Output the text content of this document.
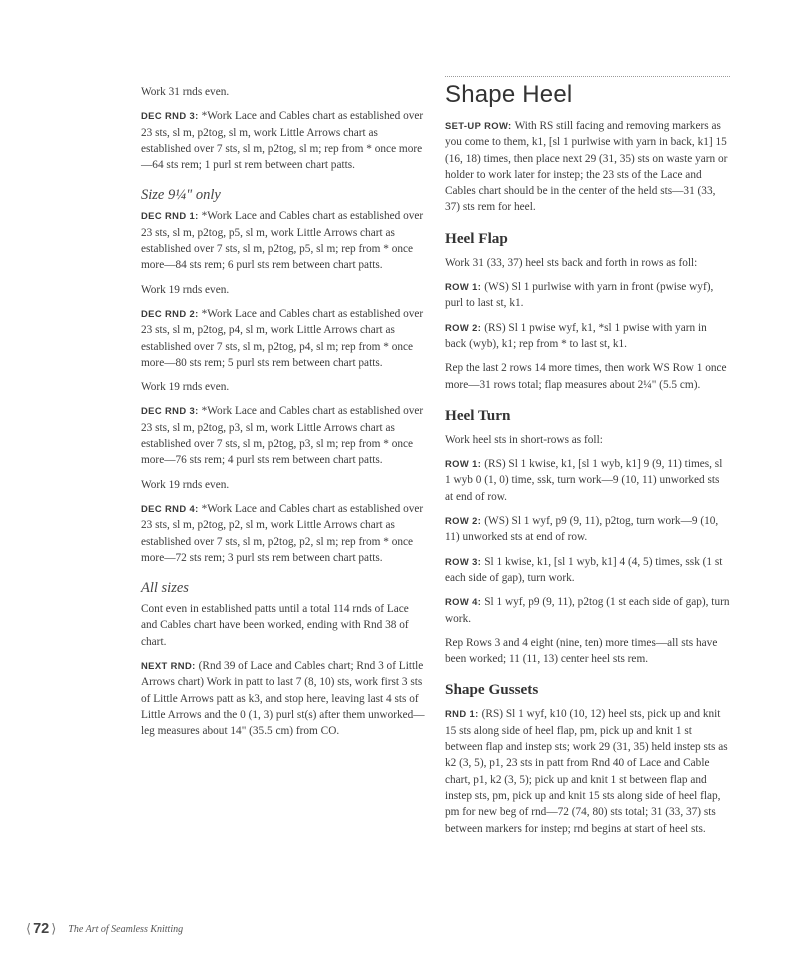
Work 31 rnds even.

DEC RND 3: *Work Lace and Cables chart as established over 23 sts, sl m, p2tog, sl m, work Little Arrows chart as established over 7 sts, sl m, p2tog, sl m; rep from * once more—64 sts rem; 1 purl st rem between chart patts.

Size 9¼" only

DEC RND 1: *Work Lace and Cables chart as established over 23 sts, sl m, p2tog, p5, sl m, work Little Arrows chart as established over 7 sts, sl m, p2tog, p5, sl m; rep from * once more—84 sts rem; 6 purl sts rem between chart patts.

Work 19 rnds even.

DEC RND 2: *Work Lace and Cables chart as established over 23 sts, sl m, p2tog, p4, sl m, work Little Arrows chart as established over 7 sts, sl m, p2tog, p4, sl m; rep from * once more—80 sts rem; 5 purl sts rem between chart patts.

Work 19 rnds even.

DEC RND 3: *Work Lace and Cables chart as established over 23 sts, sl m, p2tog, p3, sl m, work Little Arrows chart as established over 7 sts, sl m, p2tog, p3, sl m; rep from * once more—76 sts rem; 4 purl sts rem between chart patts.

Work 19 rnds even.

DEC RND 4: *Work Lace and Cables chart as established over 23 sts, sl m, p2tog, p2, sl m, work Little Arrows chart as established over 7 sts, sl m, p2tog, p2, sl m; rep from * once more—72 sts rem; 3 purl sts rem between chart patts.

All sizes

Cont even in established patts until a total 114 rnds of Lace and Cables chart have been worked, ending with Rnd 38 of chart.

NEXT RND: (Rnd 39 of Lace and Cables chart; Rnd 3 of Little Arrows chart) Work in patt to last 7 (8, 10) sts, work first 3 sts of Little Arrows patt as k3, and stop here, leaving last 4 sts of Little Arrows and the 0 (1, 3) purl st(s) after them unworked—leg measures about 14" (35.5 cm) from CO.

Shape Heel

SET-UP ROW: With RS still facing and removing markers as you come to them, k1, [sl 1 purlwise with yarn in back, k1] 15 (16, 18) times, then place next 29 (31, 35) sts on waste yarn or holder to work later for instep; the 23 sts of the Lace and Cables chart should be in the center of the held sts—31 (33, 37) sts rem for heel.

Heel Flap

Work 31 (33, 37) heel sts back and forth in rows as foll:

ROW 1: (WS) Sl 1 purlwise with yarn in front (pwise wyf), purl to last st, k1.

ROW 2: (RS) Sl 1 pwise wyf, k1, *sl 1 pwise with yarn in back (wyb), k1; rep from * to last st, k1.

Rep the last 2 rows 14 more times, then work WS Row 1 once more—31 rows total; flap measures about 2¼" (5.5 cm).

Heel Turn

Work heel sts in short-rows as foll:

ROW 1: (RS) Sl 1 kwise, k1, [sl 1 wyb, k1] 9 (9, 11) times, sl 1 wyb 0 (1, 0) time, ssk, turn work—9 (10, 11) unworked sts at end of row.

ROW 2: (WS) Sl 1 wyf, p9 (9, 11), p2tog, turn work—9 (10, 11) unworked sts at end of row.

ROW 3: Sl 1 kwise, k1, [sl 1 wyb, k1] 4 (4, 5) times, ssk (1 st each side of gap), turn work.

ROW 4: Sl 1 wyf, p9 (9, 11), p2tog (1 st each side of gap), turn work.

Rep Rows 3 and 4 eight (nine, ten) more times—all sts have been worked; 11 (11, 13) center heel sts rem.

Shape Gussets

RND 1: (RS) Sl 1 wyf, k10 (10, 12) heel sts, pick up and knit 15 sts along side of heel flap, pm, pick up and knit 1 st between flap and instep sts; work 29 (31, 35) held instep sts as k2 (3, 5), p1, 23 sts in patt from Rnd 40 of Lace and Cable chart, p1, k2 (3, 5); pick up and knit 1 st between flap and instep sts, pm, pick up and knit 15 sts along side of heel flap, pm for new beg of rnd—72 (74, 80) sts total; 31 (33, 37) sts between markers for instep; rnd begins at start of heel sts.

⟨ 72 ⟩ The Art of Seamless Knitting
